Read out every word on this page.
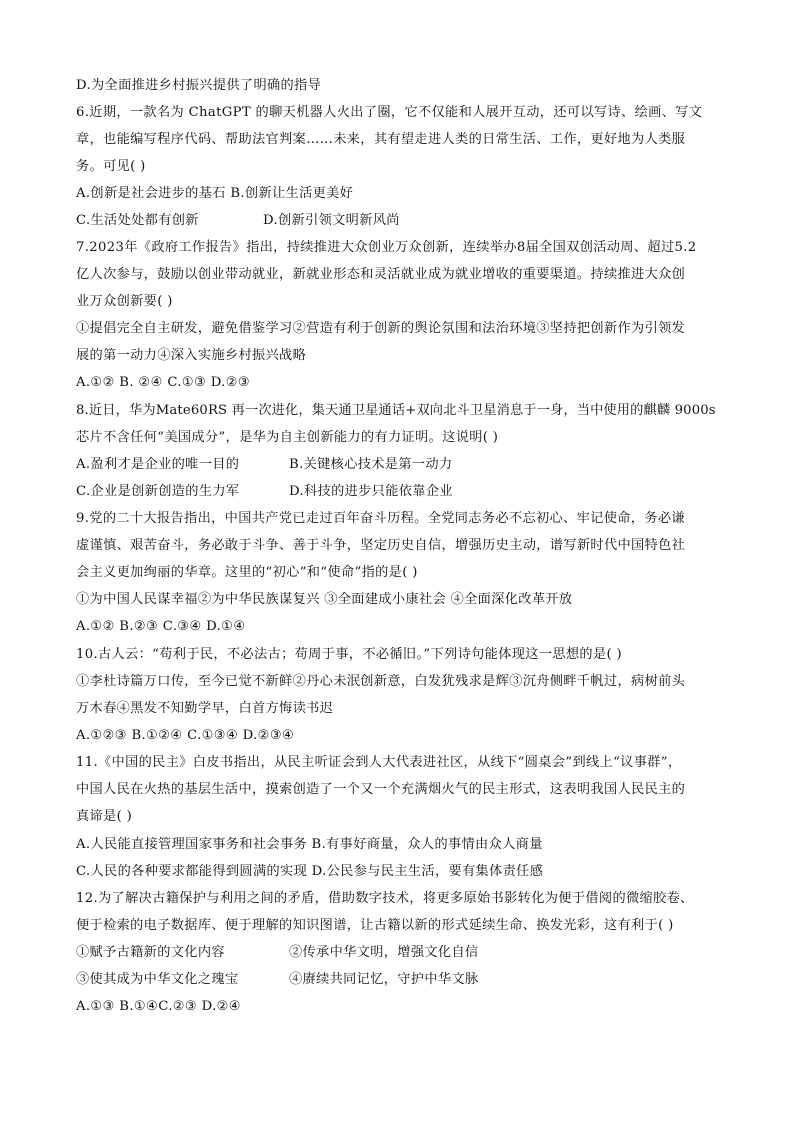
D.为全面推进乡村振兴提供了明确的指导
6.近期，一款名为 ChatGPT 的聊天机器人火出了圈，它不仅能和人展开互动，还可以写诗、绘画、写文
章，也能编写程序代码、帮助法官判案……未来，其有望走进人类的日常生活、工作，更好地为人类服
务。可见( )
A.创新是社会进步的基石 B.创新让生活更美好
C.生活处处都有创新	D.创新引领文明新风尚
7.2023年《政府工作报告》指出，持续推进大众创业万众创新，连续举办8届全国双创活动周、超过5.2
亿人次参与，鼓励以创业带动就业，新就业形态和灵活就业成为就业增收的重要渠道。持续推进大众创
业万众创新要( )
①提倡完全自主研发，避免借鉴学习②营造有利于创新的舆论氛围和法治环境③坚持把创新作为引领发
展的第一动力④深入实施乡村振兴战略
A.①② B. ②④ C.①③ D.②③
8.近日，华为Mate60RS 再一次进化，集天通卫星通话+双向北斗卫星消息于一身，当中使用的麒麟 9000s
芯片不含任何“美国成分”，是华为自主创新能力的有力证明。这说明( )
A.盈利才是企业的唯一目的	B.关键核心技术是第一动力
C.企业是创新创造的生力军	D.科技的进步只能依靠企业
9.党的二十大报告指出，中国共产党已走过百年奋斗历程。全党同志务必不忘初心、牢记使命，务必谦
虚谨慎、艰苦奋斗，务必敢于斗争、善于斗争，坚定历史自信，增强历史主动，谱写新时代中国特色社
会主义更加绚丽的华章。这里的“初心”和“使命”指的是( )
①为中国人民谋幸福②为中华民族谋复兴 ③全面建成小康社会 ④全面深化改革开放
A.①② B.②③ C.③④ D.①④
10.古人云：“苟利于民，不必法古；苟周于事，不必循旧。”下列诗句能体现这一思想的是( )
①李杜诗篇万口传，至今已觉不新鲜②丹心未泯创新意，白发犹残求是辉③沉舟侧畔千帆过，病树前头
万木春④黑发不知勤学早，白首方悔读书迟
A.①②③ B.①②④ C.①③④ D.②③④
11.《中国的民主》白皮书指出，从民主听证会到人大代表进社区，从线下“圆桌会”到线上“议事群”，
中国人民在火热的基层生活中，摸索创造了一个又一个充满烟火气的民主形式，这表明我国人民民主的
真谛是( )
A.人民能直接管理国家事务和社会事务 B.有事好商量，众人的事情由众人商量
C.人民的各种要求都能得到圆满的实现 D.公民参与民主生活，要有集体责任感
12.为了解决古籍保护与利用之间的矛盾，借助数字技术，将更多原始书影转化为便于借阅的微缩胶卷、
便于检索的电子数据库、便于理解的知识图谱，让古籍以新的形式延续生命、换发光彩，这有利于( )
①赋予古籍新的文化内容	②传承中华文明，增强文化自信
③使其成为中华文化之瑰宝	④赓续共同记忆，守护中华文脉
A.①③ B.①④C.②③ D.②④
